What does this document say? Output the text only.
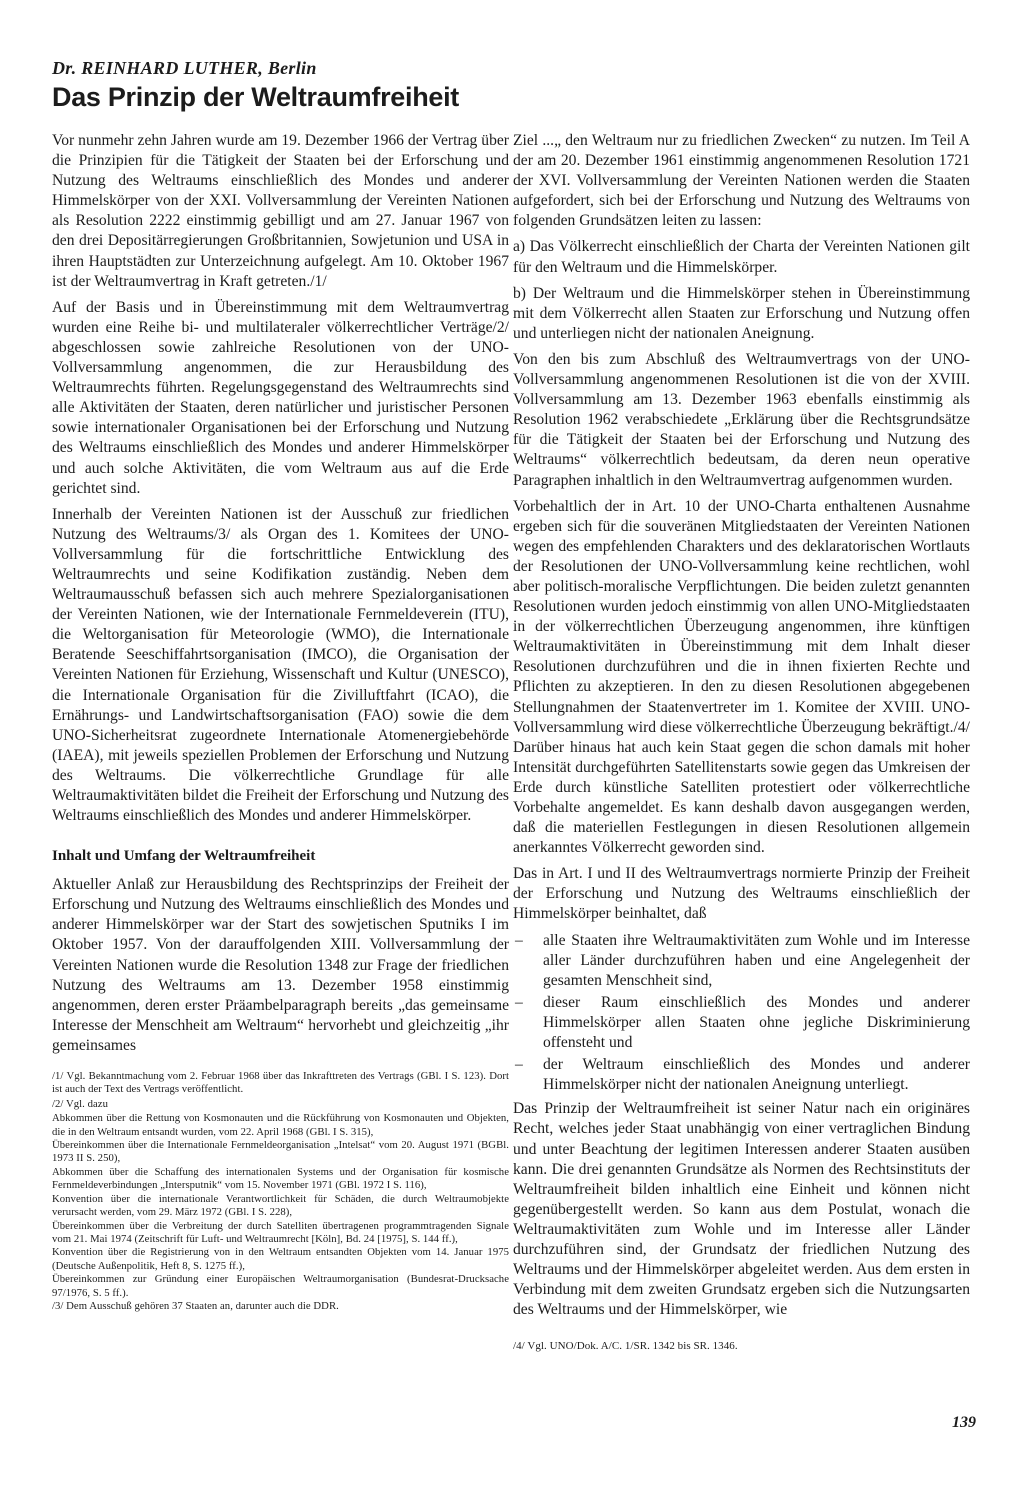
Dr. REINHARD LUTHER, Berlin
Das Prinzip der Weltraumfreiheit

Vor nunmehr zehn Jahren wurde am 19. Dezember 1966 der Vertrag über die Prinzipien für die Tätigkeit der Staaten bei der Erforschung und Nutzung des Weltraums einschließlich des Mondes und anderer Himmelskörper von der XXI. Vollversammlung der Vereinten Nationen als Resolution 2222 einstimmig gebilligt und am 27. Januar 1967 von den drei Depositärregierungen Großbritannien, Sowjetunion und USA in ihren Hauptstädten zur Unterzeichnung aufgelegt. Am 10. Oktober 1967 ist der Weltraumvertrag in Kraft getreten./1/

Auf der Basis und in Übereinstimmung mit dem Weltraumvertrag wurden eine Reihe bi- und multilateraler völkerrechtlicher Verträge/2/ abgeschlossen sowie zahlreiche Resolutionen von der UNO-Vollversammlung angenommen, die zur Herausbildung des Weltraumrechts führten. Regelungsgegenstand des Weltraumrechts sind alle Aktivitäten der Staaten, deren natürlicher und juristischer Personen sowie internationaler Organisationen bei der Erforschung und Nutzung des Weltraums einschließlich des Mondes und anderer Himmelskörper und auch solche Aktivitäten, die vom Weltraum aus auf die Erde gerichtet sind.

Innerhalb der Vereinten Nationen ist der Ausschuß zur friedlichen Nutzung des Weltraums/3/ als Organ des 1. Komitees der UNO-Vollversammlung für die fortschrittliche Entwicklung des Weltraumrechts und seine Kodifikation zuständig. Neben dem Weltraumausschuß befassen sich auch mehrere Spezialorganisationen der Vereinten Nationen, wie der Internationale Fernmeldeverein (ITU), die Weltorganisation für Meteorologie (WMO), die Internationale Beratende Seeschiffahrtsorganisation (IMCO), die Organisation der Vereinten Nationen für Erziehung, Wissenschaft und Kultur (UNESCO), die Internationale Organisation für die Zivilluftfahrt (ICAO), die Ernährungs- und Landwirtschaftsorganisation (FAO) sowie die dem UNO-Sicherheitsrat zugeordnete Internationale Atomenergiebehörde (IAEA), mit jeweils speziellen Problemen der Erforschung und Nutzung des Weltraums. Die völkerrechtliche Grundlage für alle Weltraumaktivitäten bildet die Freiheit der Erforschung und Nutzung des Weltraums einschließlich des Mondes und anderer Himmelskörper.

Inhalt und Umfang der Weltraumfreiheit

Aktueller Anlaß zur Herausbildung des Rechtsprinzips der Freiheit der Erforschung und Nutzung des Weltraums einschließlich des Mondes und anderer Himmelskörper war der Start des sowjetischen Sputniks I im Oktober 1957. Von der darauffolgenden XIII. Vollversammlung der Vereinten Nationen wurde die Resolution 1348 zur Frage der friedlichen Nutzung des Weltraums am 13. Dezember 1958 einstimmig angenommen, deren erster Präambelparagraph bereits „das gemeinsame Interesse der Menschheit am Weltraum“ hervorhebt und gleichzeitig „ihr gemeinsames

/1/ Vgl. Bekanntmachung vom 2. Februar 1968 über das Inkrafttreten des Vertrags (GBl. I S. 123). Dort ist auch der Text des Vertrags veröffentlicht.

/2/ Vgl. dazu

Abkommen über die Rettung von Kosmonauten und die Rückführung von Kosmonauten und Objekten, die in den Weltraum entsandt wurden, vom 22. April 1968 (GBl. I S. 315),

Übereinkommen über die Internationale Fernmeldeorganisation „Intelsat“ vom 20. August 1971 (BGBl. 1973 II S. 250),

Abkommen über die Schaffung des internationalen Systems und der Organisation für kosmische Fernmeldeverbindungen „Intersputnik“ vom 15. November 1971 (GBl. 1972 I S. 116),

Konvention über die internationale Verantwortlichkeit für Schäden, die durch Weltraumobjekte verursacht werden, vom 29. März 1972 (GBl. I S. 228),

Übereinkommen über die Verbreitung der durch Satelliten übertragenen programmtragenden Signale vom 21. Mai 1974 (Zeitschrift für Luft- und Weltraumrecht [Köln], Bd. 24 [1975], S. 144 ff.),

Konvention über die Registrierung von in den Weltraum entsandten Objekten vom 14. Januar 1975 (Deutsche Außenpolitik, Heft 8, S. 1275 ff.),

Übereinkommen zur Gründung einer Europäischen Weltraumorganisation (Bundesrat-Drucksache 97/1976, S. 5 ff.).

/3/ Dem Ausschuß gehören 37 Staaten an, darunter auch die DDR.

Ziel ...„ den Weltraum nur zu friedlichen Zwecken“ zu nutzen. Im Teil A der am 20. Dezember 1961 einstimmig angenommenen Resolution 1721 der XVI. Vollversammlung der Vereinten Nationen werden die Staaten aufgefordert, sich bei der Erforschung und Nutzung des Weltraums von folgenden Grundsätzen leiten zu lassen:

a) Das Völkerrecht einschließlich der Charta der Vereinten Nationen gilt für den Weltraum und die Himmelskörper.

b) Der Weltraum und die Himmelskörper stehen in Übereinstimmung mit dem Völkerrecht allen Staaten zur Erforschung und Nutzung offen und unterliegen nicht der nationalen Aneignung.

Von den bis zum Abschluß des Weltraumvertrags von der UNO-Vollversammlung angenommenen Resolutionen ist die von der XVIII. Vollversammlung am 13. Dezember 1963 ebenfalls einstimmig als Resolution 1962 verabschiedete „Erklärung über die Rechtsgrundsätze für die Tätigkeit der Staaten bei der Erforschung und Nutzung des Weltraums“ völkerrechtlich bedeutsam, da deren neun operative Paragraphen inhaltlich in den Weltraumvertrag aufgenommen wurden.

Vorbehaltlich der in Art. 10 der UNO-Charta enthaltenen Ausnahme ergeben sich für die souveränen Mitgliedstaaten der Vereinten Nationen wegen des empfehlenden Charakters und des deklaratorischen Wortlauts der Resolutionen der UNO-Vollversammlung keine rechtlichen, wohl aber politisch-moralische Verpflichtungen. Die beiden zuletzt genannten Resolutionen wurden jedoch einstimmig von allen UNO-Mitgliedstaaten in der völkerrechtlichen Überzeugung angenommen, ihre künftigen Weltraumaktivitäten in Übereinstimmung mit dem Inhalt dieser Resolutionen durchzuführen und die in ihnen fixierten Rechte und Pflichten zu akzeptieren. In den zu diesen Resolutionen abgegebenen Stellungnahmen der Staatenvertreter im 1. Komitee der XVIII. UNO-Vollversammlung wird diese völkerrechtliche Überzeugung bekräftigt./4/ Darüber hinaus hat auch kein Staat gegen die schon damals mit hoher Intensität durchgeführten Satellitenstarts sowie gegen das Umkreisen der Erde durch künstliche Satelliten protestiert oder völkerrechtliche Vorbehalte angemeldet. Es kann deshalb davon ausgegangen werden, daß die materiellen Festlegungen in diesen Resolutionen allgemein anerkanntes Völkerrecht geworden sind.

Das in Art. I und II des Weltraumvertrags normierte Prinzip der Freiheit der Erforschung und Nutzung des Weltraums einschließlich der Himmelskörper beinhaltet, daß

– alle Staaten ihre Weltraumaktivitäten zum Wohle und im Interesse aller Länder durchzuführen haben und eine Angelegenheit der gesamten Menschheit sind,
– dieser Raum einschließlich des Mondes und anderer Himmelskörper allen Staaten ohne jegliche Diskriminierung offensteht und
– der Weltraum einschließlich des Mondes und anderer Himmelskörper nicht der nationalen Aneignung unterliegt.

Das Prinzip der Weltraumfreiheit ist seiner Natur nach ein originäres Recht, welches jeder Staat unabhängig von einer vertraglichen Bindung und unter Beachtung der legitimen Interessen anderer Staaten ausüben kann. Die drei genannten Grundsätze als Normen des Rechtsinstituts der Weltraumfreiheit bilden inhaltlich eine Einheit und können nicht gegenübergestellt werden. So kann aus dem Postulat, wonach die Weltraumaktivitäten zum Wohle und im Interesse aller Länder durchzuführen sind, der Grundsatz der friedlichen Nutzung des Weltraums und der Himmelskörper abgeleitet werden. Aus dem ersten in Verbindung mit dem zweiten Grundsatz ergeben sich die Nutzungsarten des Weltraums und der Himmelskörper, wie

/4/ Vgl. UNO/Dok. A/C. 1/SR. 1342 bis SR. 1346.

139
